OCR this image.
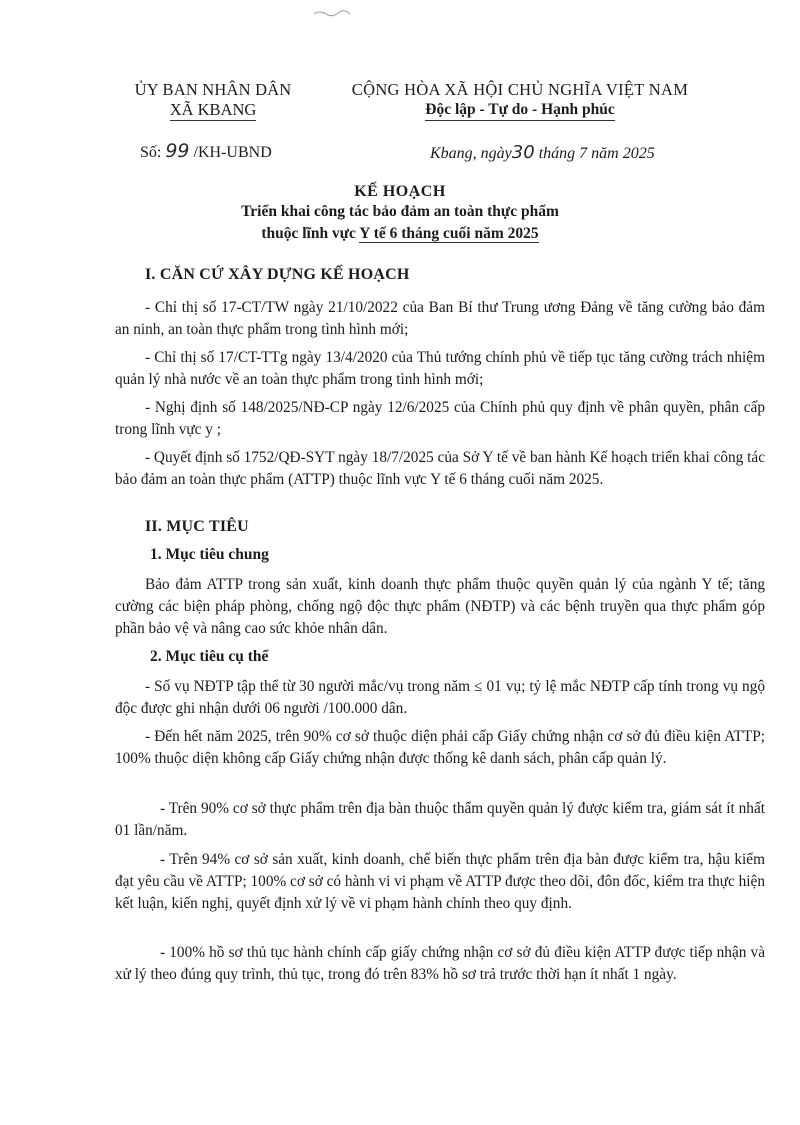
ỦY BAN NHÂN DÂN
XÃ KBANG
CỘNG HÒA XÃ HỘI CHỦ NGHĨA VIỆT NAM
Độc lập - Tự do - Hạnh phúc
Số: 99 /KH-UBND	Kbang, ngày30 tháng 7 năm 2025
KẾ HOẠCH
Triển khai công tác bảo đảm an toàn thực phẩm
thuộc lĩnh vực Y tế 6 tháng cuối năm 2025
I. CĂN CỨ XÂY DỰNG KẾ HOẠCH
- Chỉ thị số 17-CT/TW ngày 21/10/2022 của Ban Bí thư Trung ương Đảng về tăng cường bảo đảm an ninh, an toàn thực phẩm trong tình hình mới;
- Chỉ thị số 17/CT-TTg ngày 13/4/2020 của Thủ tướng chính phủ về tiếp tục tăng cường trách nhiệm quản lý nhà nước về an toàn thực phẩm trong tình hình mới;
- Nghị định số 148/2025/NĐ-CP ngày 12/6/2025 của Chính phủ quy định về phân quyền, phân cấp trong lĩnh vực y ;
- Quyết định số 1752/QĐ-SYT ngày 18/7/2025 của Sở Y tế về ban hành Kế hoạch triển khai công tác bảo đảm an toàn thực phẩm (ATTP) thuộc lĩnh vực Y tế 6 tháng cuối năm 2025.
II. MỤC TIÊU
1. Mục tiêu chung
Bảo đảm ATTP trong sản xuất, kinh doanh thực phẩm thuộc quyền quản lý của ngành Y tế; tăng cường các biện pháp phòng, chống ngộ độc thực phẩm (NĐTP) và các bệnh truyền qua thực phẩm góp phần bảo vệ và nâng cao sức khỏe nhân dân.
2. Mục tiêu cụ thể
- Số vụ NĐTP tập thể từ 30 người mắc/vụ trong năm ≤ 01 vụ; tỷ lệ mắc NĐTP cấp tính trong vụ ngộ độc được ghi nhận dưới 06 người /100.000 dân.
- Đến hết năm 2025, trên 90% cơ sở thuộc diện phải cấp Giấy chứng nhận cơ sở đủ điều kiện ATTP; 100% thuộc diện không cấp Giấy chứng nhận được thống kê danh sách, phân cấp quản lý.
- Trên 90% cơ sở thực phẩm trên địa bàn thuộc thẩm quyền quản lý được kiểm tra, giám sát ít nhất 01 lần/năm.
- Trên 94% cơ sở sản xuất, kinh doanh, chế biến thực phẩm trên địa bàn được kiểm tra, hậu kiểm đạt yêu cầu về ATTP; 100% cơ sở có hành vi vi phạm về ATTP được theo dõi, đôn đốc, kiểm tra thực hiện kết luận, kiến nghị, quyết định xử lý về vi phạm hành chính theo quy định.
- 100% hồ sơ thủ tục hành chính cấp giấy chứng nhận cơ sở đủ điều kiện ATTP được tiếp nhận và xử lý theo đúng quy trình, thủ tục, trong đó trên 83% hồ sơ trả trước thời hạn ít nhất 1 ngày.
